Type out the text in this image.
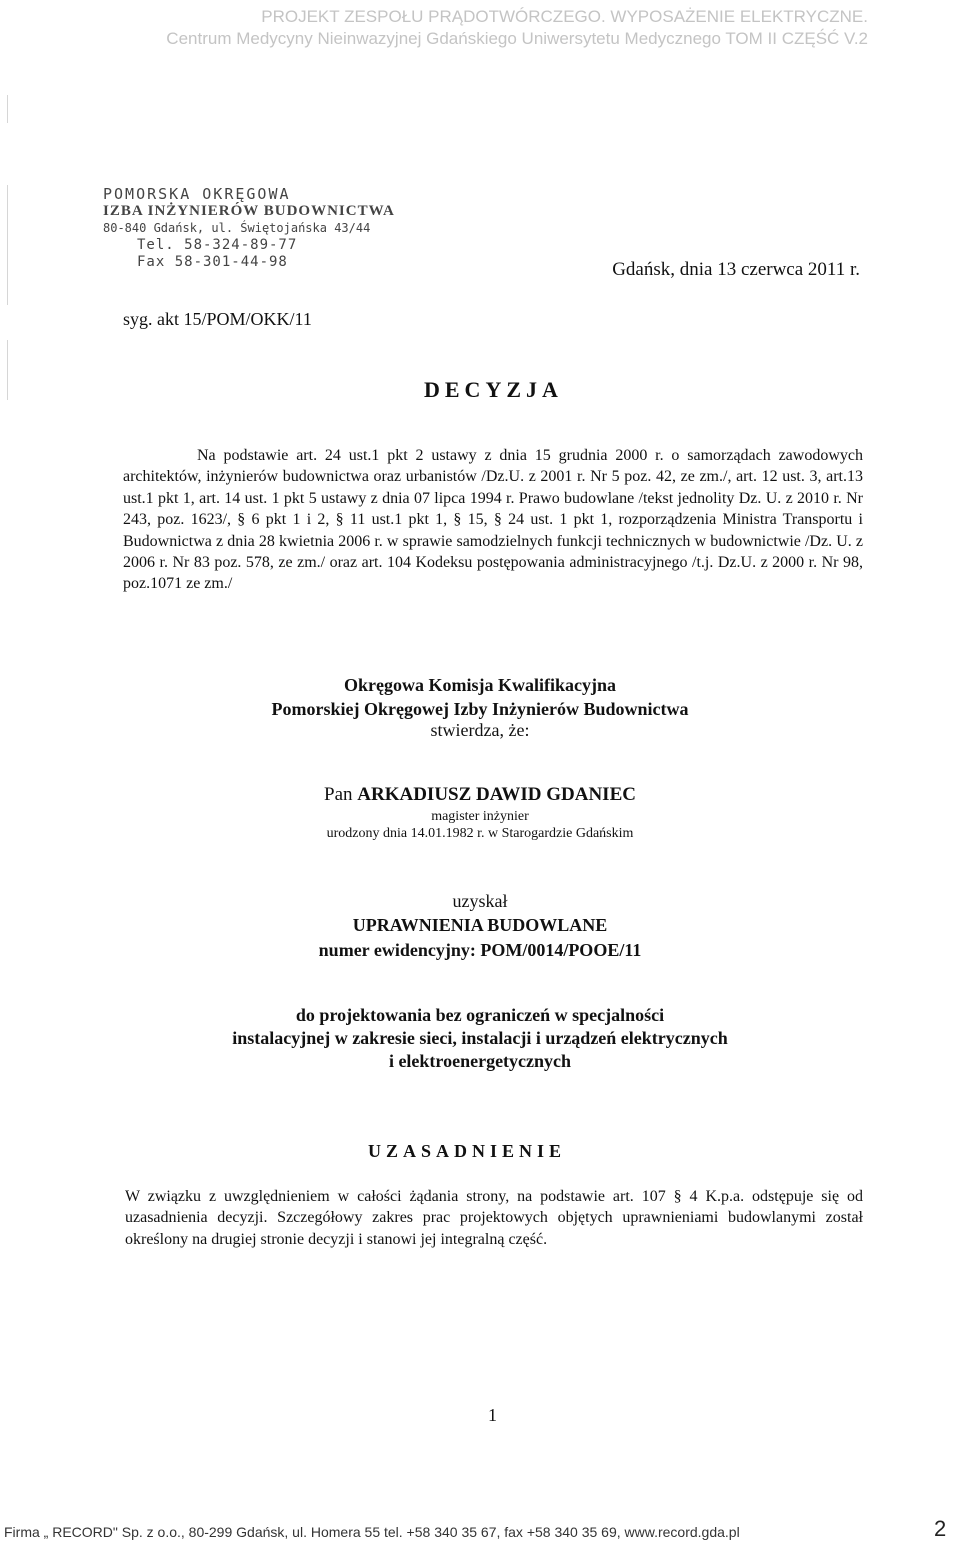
PROJEKT ZESPOŁU PRĄDOTWÓRCZEGO. WYPOSAŻENIE ELEKTRYCZNE.
Centrum Medycyny Nieinwazyjnej Gdańskiego Uniwersytetu Medycznego TOM II CZĘŚĆ V.2
POMORSKA OKRĘGOWA
IZBA INŻYNIERÓW BUDOWNICTWA
80-840 Gdańsk, ul. Świętojańska 43/44
Tel. 58-324-89-77
Fax 58-301-44-98	Gdańsk, dnia 13 czerwca 2011 r.
syg. akt 15/POM/OKK/11
DECYZJA

Na podstawie art. 24 ust.1 pkt 2 ustawy z dnia 15 grudnia 2000 r. o samorządach zawodowych architektów, inżynierów budownictwa oraz urbanistów /Dz.U. z 2001 r. Nr 5 poz. 42, ze zm./, art. 12 ust. 3, art.13 ust.1 pkt 1, art. 14 ust. 1 pkt 5 ustawy z dnia 07 lipca 1994 r. Prawo budowlane /tekst jednolity Dz. U. z 2010 r. Nr 243, poz. 1623/, § 6 pkt 1 i 2, § 11 ust.1 pkt 1, § 15, § 24 ust. 1 pkt 1, rozporządzenia Ministra Transportu i Budownictwa z dnia 28 kwietnia 2006 r. w sprawie samodzielnych funkcji technicznych w budownictwie /Dz. U. z 2006 r. Nr 83 poz. 578, ze zm./ oraz art. 104 Kodeksu postępowania administracyjnego /t.j. Dz.U. z 2000 r. Nr 98, poz.1071 ze zm./

Okręgowa Komisja Kwalifikacyjna
Pomorskiej Okręgowej Izby Inżynierów Budownictwa
stwierdza, że:
Pan ARKADIUSZ DAWID GDANIEC
magister inżynier
urodzony dnia 14.01.1982 r. w Starogardzie Gdańskim
uzyskał
UPRAWNIENIA BUDOWLANE
numer ewidencyjny: POM/0014/POOE/11
do projektowania bez ograniczeń w specjalności
instalacyjnej w zakresie sieci, instalacji i urządzeń elektrycznych
i elektroenergetycznych
UZASADNIENIE

W związku z uwzględnieniem w całości żądania strony, na podstawie art. 107 § 4 K.p.a. odstępuje się od uzasadnienia decyzji. Szczegółowy zakres prac projektowych objętych uprawnieniami budowlanymi został określony na drugiej stronie decyzji i stanowi jej integralną część.

1
Firma „ RECORD" Sp. z o.o., 80-299 Gdańsk, ul. Homera 55 tel. +58 340 35 67, fax +58 340 35 69, www.record.gda.pl	2
